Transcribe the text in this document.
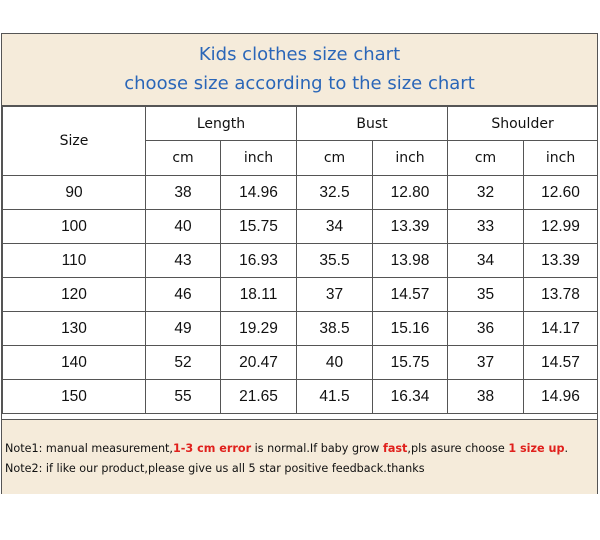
Kids clothes size chart
choose size according to the size chart
Size	Length		Bust		Shoulder	
	cm	inch	cm	inch	cm	inch
90	38	14.96	32.5	12.80	32	12.60
100	40	15.75	34	13.39	33	12.99
110	43	16.93	35.5	13.98	34	13.39
120	46	18.11	37	14.57	35	13.78
130	49	19.29	38.5	15.16	36	14.17
140	52	20.47	40	15.75	37	14.57
150	55	21.65	41.5	16.34	38	14.96
Note1: manual measurement,1-3 cm error is normal.If baby grow fast,pls asure choose 1 size up.
Note2: if like our product,please give us all 5 star positive feedback.thanks
